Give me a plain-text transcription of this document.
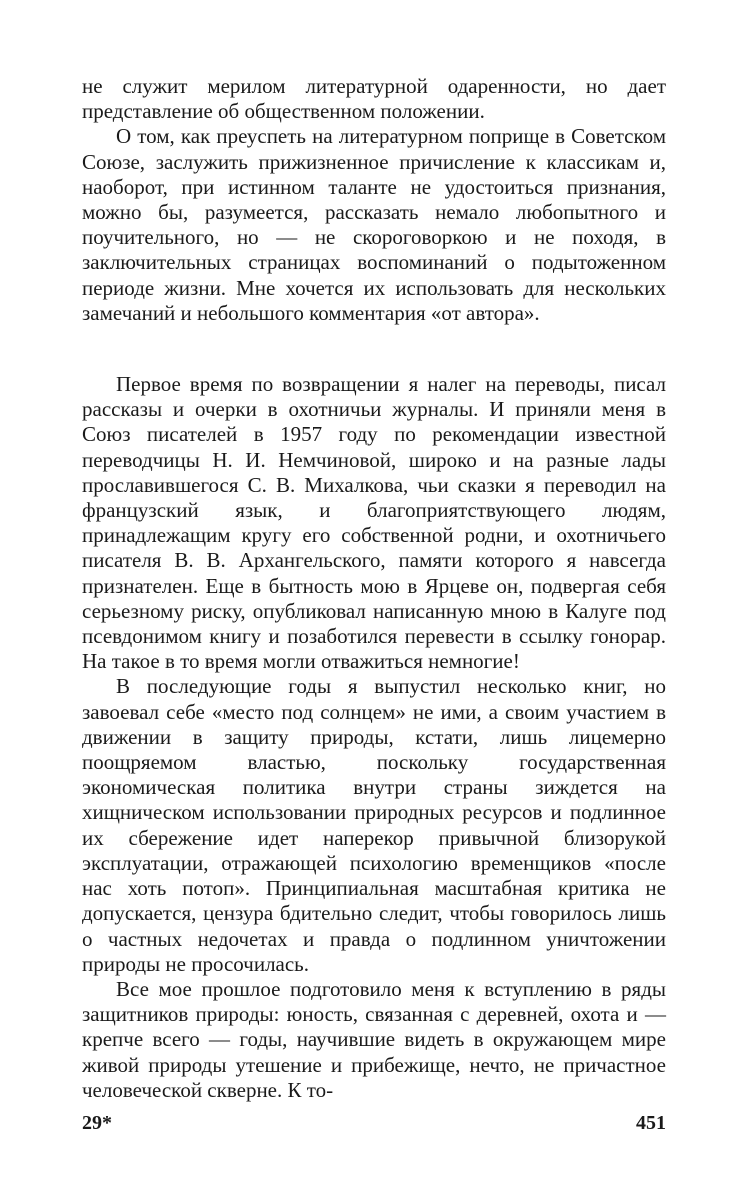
не служит мерилом литературной одаренности, но дает представление об общественном положении.

О том, как преуспеть на литературном поприще в Советском Союзе, заслужить прижизненное причисление к классикам и, наоборот, при истинном таланте не удостоиться признания, можно бы, разумеется, рассказать немало любопытного и поучительного, но — не скороговоркою и не походя, в заключительных страницах воспоминаний о подытоженном периоде жизни. Мне хочется их использовать для нескольких замечаний и небольшого комментария «от автора».

Первое время по возвращении я налег на переводы, писал рассказы и очерки в охотничьи журналы. И приняли меня в Союз писателей в 1957 году по рекомендации известной переводчицы Н. И. Немчиновой, широко и на разные лады прославившегося С. В. Михалкова, чьи сказки я переводил на французский язык, и благоприятствующего людям, принадлежащим кругу его собственной родни, и охотничьего писателя В. В. Архангельского, памяти которого я навсегда признателен. Еще в бытность мою в Ярцеве он, подвергая себя серьезному риску, опубликовал написанную мною в Калуге под псевдонимом книгу и позаботился перевести в ссылку гонорар. На такое в то время могли отважиться немногие!

В последующие годы я выпустил несколько книг, но завоевал себе «место под солнцем» не ими, а своим участием в движении в защиту природы, кстати, лишь лицемерно поощряемом властью, поскольку государственная экономическая политика внутри страны зиждется на хищническом использовании природных ресурсов и подлинное их сбережение идет наперекор привычной близорукой эксплуатации, отражающей психологию временщиков «после нас хоть потоп». Принципиальная масштабная критика не допускается, цензура бдительно следит, чтобы говорилось лишь о частных недочетах и правда о подлинном уничтожении природы не просочилась.

Все мое прошлое подготовило меня к вступлению в ряды защитников природы: юность, связанная с деревней, охота и — крепче всего — годы, научившие видеть в окружающем мире живой природы утешение и прибежище, нечто, не причастное человеческой скверне. К то-

29*	451
